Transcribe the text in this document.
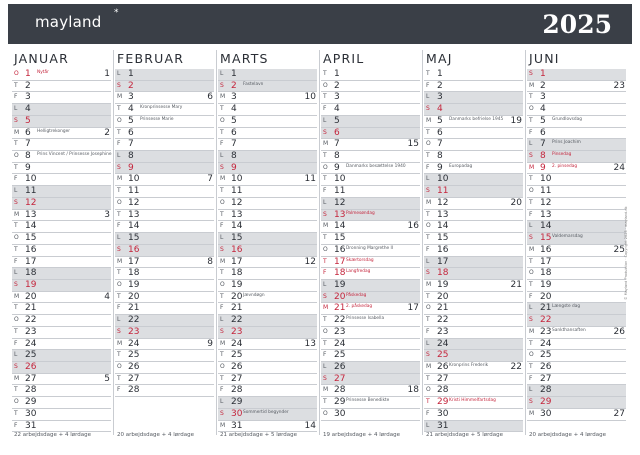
mayland *	2025
JANUAR
O 1 Nytår	1
T 2
F 3
L 4
S 5
M 6 Helligtrekonger	2
T 7
O 8 Prins Vincent / Prinsesse Josephine
T 9
F 10
L 11
S 12
M 13	3
T 14
O 15
T 16
F 17
L 18
S 19
M 20	4
T 21
O 22
T 23
F 24
L 25
S 26
M 27	5
T 28
O 29
T 30
F 31
22 arbejdsdage + 4 lørdage
FEBRUAR
L 1
S 2
M 3	6
T 4 Kronprinsesse Mary
O 5 Prinsesse Marie
T 6
F 7
L 8
S 9
M 10	7
T 11
O 12
T 13
F 14
L 15
S 16
M 17	8
T 18
O 19
T 20
F 21
L 22
S 23
M 24	9
T 25
O 26
T 27
F 28
20 arbejdsdage + 4 lørdage
MARTS
L 1
S 2 Fastelavn
M 3	10
T 4
O 5
T 6
F 7
L 8
S 9
M 10	11
T 11
O 12
T 13
F 14
L 15
S 16
M 17	12
T 18
O 19
T 20 Jævndøgn
F 21
L 22
S 23
M 24	13
T 25
O 26
T 27
F 28
L 29
S 30 Sommertid begynder
M 31	14
21 arbejdsdage + 5 lørdage
APRIL
T 1
O 2
T 3
F 4
L 5
S 6
M 7	15
T 8
O 9 Danmarks besættelse 1940
T 10
F 11
L 12
S 13 Palmesøndag
M 14	16
T 15
O 16 Dronning Margrethe II
T 17 Skærtorsdag
F 18 Langfredag
L 19
S 20 Påskedag
M 21 2. påskedag	17
T 22 Prinsesse Isabella
O 23
T 24
F 25
L 26
S 27
M 28	18
T 29 Prinsesse Benedikte
O 30
19 arbejdsdage + 4 lørdage
MAJ
T 1
F 2
L 3
S 4
M 5 Danmarks befrielse 1945 19
T 6
O 7
T 8
F 9 Europadag
L 10
S 11
M 12	20
T 13
O 14
T 15
F 16
L 17
S 18
M 19	21
T 20
O 21
T 22
F 23
L 24
S 25
M 26 Kronprins Frederik 22
T 27
O 28
T 29 Kristi Himmelfartsdag
F 30
L 31
21 arbejdsdage + 5 lørdage
JUNI
S 1
M 2	23
T 3
O 4
T 5 Grundlovsdag
F 6
L 7 Prins Joachim
S 8 Pinsedag
M 9 2. pinsedag	24
T 10
O 11
T 12
F 13
L 14
S 15 Valdemarsdag
M 16	25
T 17
O 18
T 19
F 20
L 21 Længste dag
S 22
M 23 Sankthansaften	26
T 24
O 25
T 26
F 27
L 28
S 29
M 30	27
20 arbejdsdage + 4 lørdage
© Mayland Produktion · Copyright 2025 · mayland.dk
